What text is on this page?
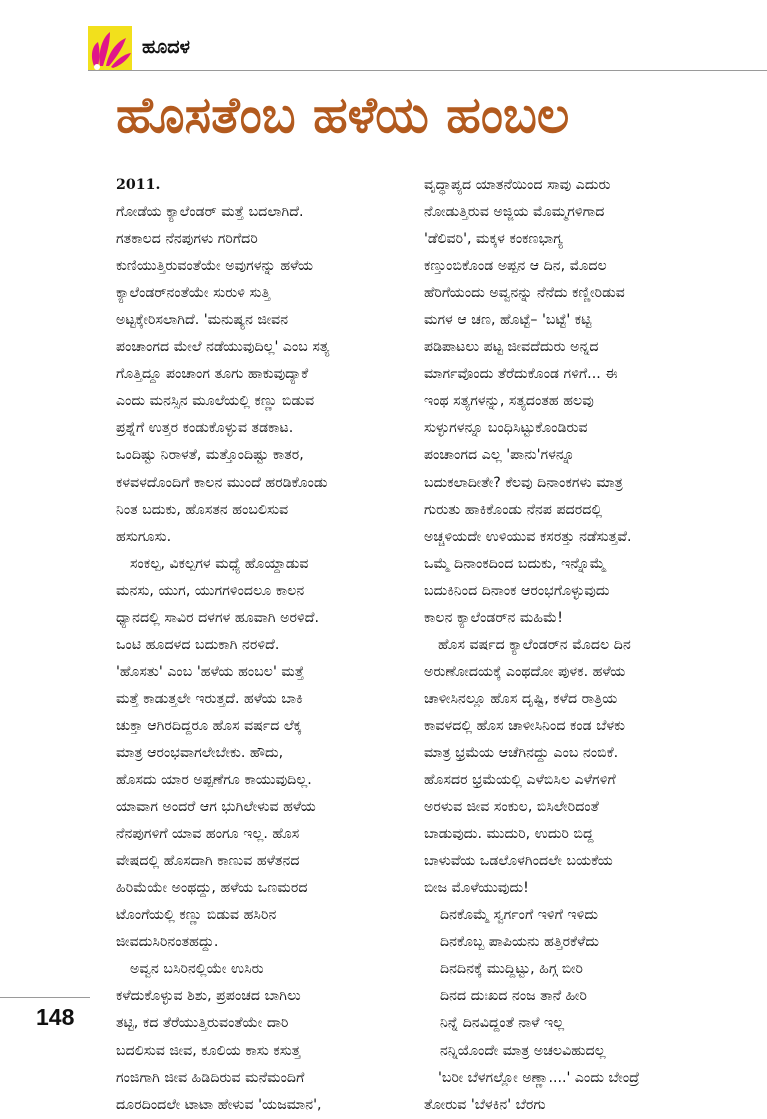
ಹೂದಳ
ಹೊಸತೆಂಬ ಹಳೆಯ ಹಂಬಲ
2011.
ಗೋಡೆಯ ಕ್ಯಾಲೆಂಡರ್ ಮತ್ತೆ ಬದಲಾಗಿದೆ.
ಗತಕಾಲದ ನೆನಪುಗಳು ಗರಿಗೆದರಿ
ಕುಣಿಯುತ್ತಿರುವಂತೆಯೇ ಅವುಗಳನ್ನು ಹಳೆಯ
ಕ್ಯಾಲೆಂಡರ್‌ನಂತೆಯೇ ಸುರುಳಿ ಸುತ್ತಿ
ಅಟ್ಟಕ್ಕೇರಿಸಲಾಗಿದೆ. 'ಮನುಷ್ಯನ ಜೀವನ
ಪಂಚಾಂಗದ ಮೇಲೆ ನಡೆಯುವುದಿಲ್ಲ' ಎಂಬ ಸತ್ಯ
ಗೊತ್ತಿದ್ದೂ ಪಂಚಾಂಗ ತೂಗು ಹಾಕುವುದ್ಯಾಕೆ
ಎಂದು ಮನಸ್ಸಿನ ಮೂಲೆಯಲ್ಲಿ ಕಣ್ಣು ಬಿಡುವ
ಪ್ರಶ್ನೆಗೆ ಉತ್ತರ ಕಂಡುಕೊಳ್ಳುವ ತಡಕಾಟ.
ಒಂದಿಷ್ಟು ನಿರಾಳತೆ, ಮತ್ತೊಂದಿಷ್ಟು ಕಾತರ,
ಕಳವಳದೊಂದಿಗೆ ಕಾಲನ ಮುಂದೆ ಹರಡಿಕೊಂಡು
ನಿಂತ ಬದುಕು, ಹೊಸತನ ಹಂಬಲಿಸುವ
ಹಸುಗೂಸು.
ಸಂಕಲ್ಪ, ವಿಕಲ್ಪಗಳ ಮಧ್ಯೆ ಹೊಯ್ದಾಡುವ
ಮನಸು, ಯುಗ, ಯುಗಗಳಿಂದಲೂ ಕಾಲನ
ಧ್ಯಾನದಲ್ಲಿ ಸಾವಿರ ದಳಗಳ ಹೂವಾಗಿ ಅರಳಿದೆ.
ಒಂಟಿ ಹೂದಳದ ಬದುಕಾಗಿ ನರಳಿದೆ.
'ಹೊಸತು' ಎಂಬ 'ಹಳೆಯ ಹಂಬಲ' ಮತ್ತೆ
ಮತ್ತೆ ಕಾಡುತ್ತಲೇ ಇರುತ್ತದೆ. ಹಳೆಯ ಬಾಕಿ
ಚುಕ್ತಾ ಆಗಿರದಿದ್ದರೂ ಹೊಸ ವರ್ಷದ ಲೆಕ್ಕ
ಮಾತ್ರ ಆರಂಭವಾಗಲೇಬೇಕು. ಹೌದು,
ಹೊಸದು ಯಾರ ಅಪ್ಪಣೆಗೂ ಕಾಯುವುದಿಲ್ಲ.
ಯಾವಾಗ ಅಂದರೆ ಆಗ ಭುಗಿಲೇಳುವ ಹಳೆಯ
ನೆನಪುಗಳಿಗೆ ಯಾವ ಹಂಗೂ ಇಲ್ಲ. ಹೊಸ
ವೇಷದಲ್ಲಿ ಹೊಸದಾಗಿ ಕಾಣುವ ಹಳೆತನದ
ಹಿರಿಮೆಯೇ ಅಂಥದ್ದು, ಹಳೆಯ ಒಣಮರದ
ಟೊಂಗೆಯಲ್ಲಿ ಕಣ್ಣು ಬಿಡುವ ಹಸಿರಿನ
ಜೀವದುಸಿರಿನಂತಹದ್ದು.
ಅವ್ವನ ಬಸಿರಿನಲ್ಲಿಯೇ ಉಸಿರು
ಕಳೆದುಕೊಳ್ಳುವ ಶಿಶು, ಪ್ರಪಂಚದ ಬಾಗಿಲು
ತಟ್ಟಿ, ಕದ ತೆರೆಯುತ್ತಿರುವಂತೆಯೇ ದಾರಿ
ಬದಲಿಸುವ ಜೀವ, ಕೂಲಿಯ ಕಾಸು ಕಸುತ್ತ
ಗಂಜಿಗಾಗಿ ಜೀವ ಹಿಡಿದಿರುವ ಮನೆಮಂದಿಗೆ
ದೂರದಿಂದಲೇ ಟಾಟಾ ಹೇಳುವ 'ಯಜಮಾನ',
ವೃದ್ಧಾಪ್ಯದ ಯಾತನೆಯಿಂದ ಸಾವು ಎದುರು
ನೋಡುತ್ತಿರುವ ಅಜ್ಜಿಯ ಮೊಮ್ಮಗಳಿಗಾದ
'ಡೆಲಿವರಿ', ಮಕ್ಕಳ ಕಂಕಣಭಾಗ್ಯ
ಕಣ್ತುಂಬಿಕೊಂಡ ಅಪ್ಪನ ಆ ದಿನ, ಮೊದಲ
ಹೆರಿಗೆಯಂದು ಅವ್ವನನ್ನು ನೆನೆದು ಕಣ್ಣೀರಿಡುವ
ಮಗಳ ಆ ಚಣ, ಹೊಟ್ಟೆ– 'ಬಟ್ಟೆ' ಕಟ್ಟಿ
ಪಡಿಪಾಟಲು ಪಟ್ಟ ಜೀವದೆದುರು ಅನ್ನದ
ಮಾರ್ಗವೊಂದು ತೆರೆದುಕೊಂಡ ಗಳಿಗೆ... ಈ
ಇಂಥ ಸತ್ಯಗಳನ್ನು, ಸತ್ಯದಂತಹ ಹಲವು
ಸುಳ್ಳುಗಳನ್ನೂ ಬಂಧಿಸಿಟ್ಟುಕೊಂಡಿರುವ
ಪಂಚಾಂಗದ ಎಲ್ಲ 'ಪಾನು'ಗಳನ್ನೂ
ಬದುಕಲಾದೀತೇ? ಕೆಲವು ದಿನಾಂಕಗಳು ಮಾತ್ರ
ಗುರುತು ಹಾಕಿಕೊಂಡು ನೆನಪ ಪದರದಲ್ಲಿ
ಅಚ್ಚಳಿಯದೇ ಉಳಿಯುವ ಕಸರತ್ತು ನಡೆಸುತ್ತವೆ.
ಒಮ್ಮೆ ದಿನಾಂಕದಿಂದ ಬದುಕು, ಇನ್ನೊಮ್ಮೆ
ಬದುಕಿನಿಂದ ದಿನಾಂಕ ಆರಂಭಗೊಳ್ಳುವುದು
ಕಾಲನ ಕ್ಯಾಲೆಂಡರ್‌ನ ಮಹಿಮೆ!
ಹೊಸ ವರ್ಷದ ಕ್ಯಾಲೆಂಡರ್‌ನ ಮೊದಲ ದಿನ
ಅರುಣೋದಯಕ್ಕೆ ಎಂಥದೋ ಪುಳಕ. ಹಳೆಯ
ಚಾಳೀಸಿನಲ್ಲೂ ಹೊಸ ದೃಷ್ಟಿ, ಕಳೆದ ರಾತ್ರಿಯ
ಕಾವಳದಲ್ಲಿ ಹೊಸ ಚಾಳೀಸಿನಿಂದ ಕಂಡ ಬೆಳಕು
ಮಾತ್ರ ಭ್ರಮೆಯ ಆಚೆಗಿನದ್ದು ಎಂಬ ನಂಬಿಕೆ.
ಹೊಸದರ ಭ್ರಮೆಯಲ್ಲಿ ಎಳೆಬಿಸಿಲ ಎಳೆಗಳಿಗೆ
ಅರಳುವ ಜೀವ ಸಂಕುಲ, ಬಿಸಿಲೇರಿದಂತೆ
ಬಾಡುವುದು. ಮುದುರಿ, ಉದುರಿ ಬಿದ್ದ
ಬಾಳುವೆಯ ಒಡಲೊಳಗಿಂದಲೇ ಬಯಕೆಯ
ಬೀಜ ಮೊಳೆಯುವುದು!
ದಿನಕೊಮ್ಮೆ ಸ್ವರ್ಗಂಗೆ ಇಳಿಗೆ ಇಳಿದು
ದಿನಕೊಬ್ಬ ಪಾಪಿಯನು ಹತ್ತಿರಕೆಳೆದು
ದಿನದಿನಕ್ಕೆ ಮುದ್ದಿಟ್ಟು, ಹಿಗ್ಗ ಬೀರಿ
ದಿನದ ದುಃಖದ ನಂಜ ತಾನೆ ಹೀರಿ
ನಿನ್ನೆ ದಿನವಿದ್ದಂತೆ ನಾಳೆ ಇಲ್ಲ
ನನ್ನಿಯೊಂದೇ ಮಾತ್ರ ಅಚಲವಿಹುದಲ್ಲ
'ಬರೀ ಬೆಳಗಲ್ಲೋ ಅಣ್ಣಾ....' ಎಂದು ಬೇಂದ್ರೆ
ತೋರುವ 'ಬೆಳಕಿನ' ಬೆರಗು
148
